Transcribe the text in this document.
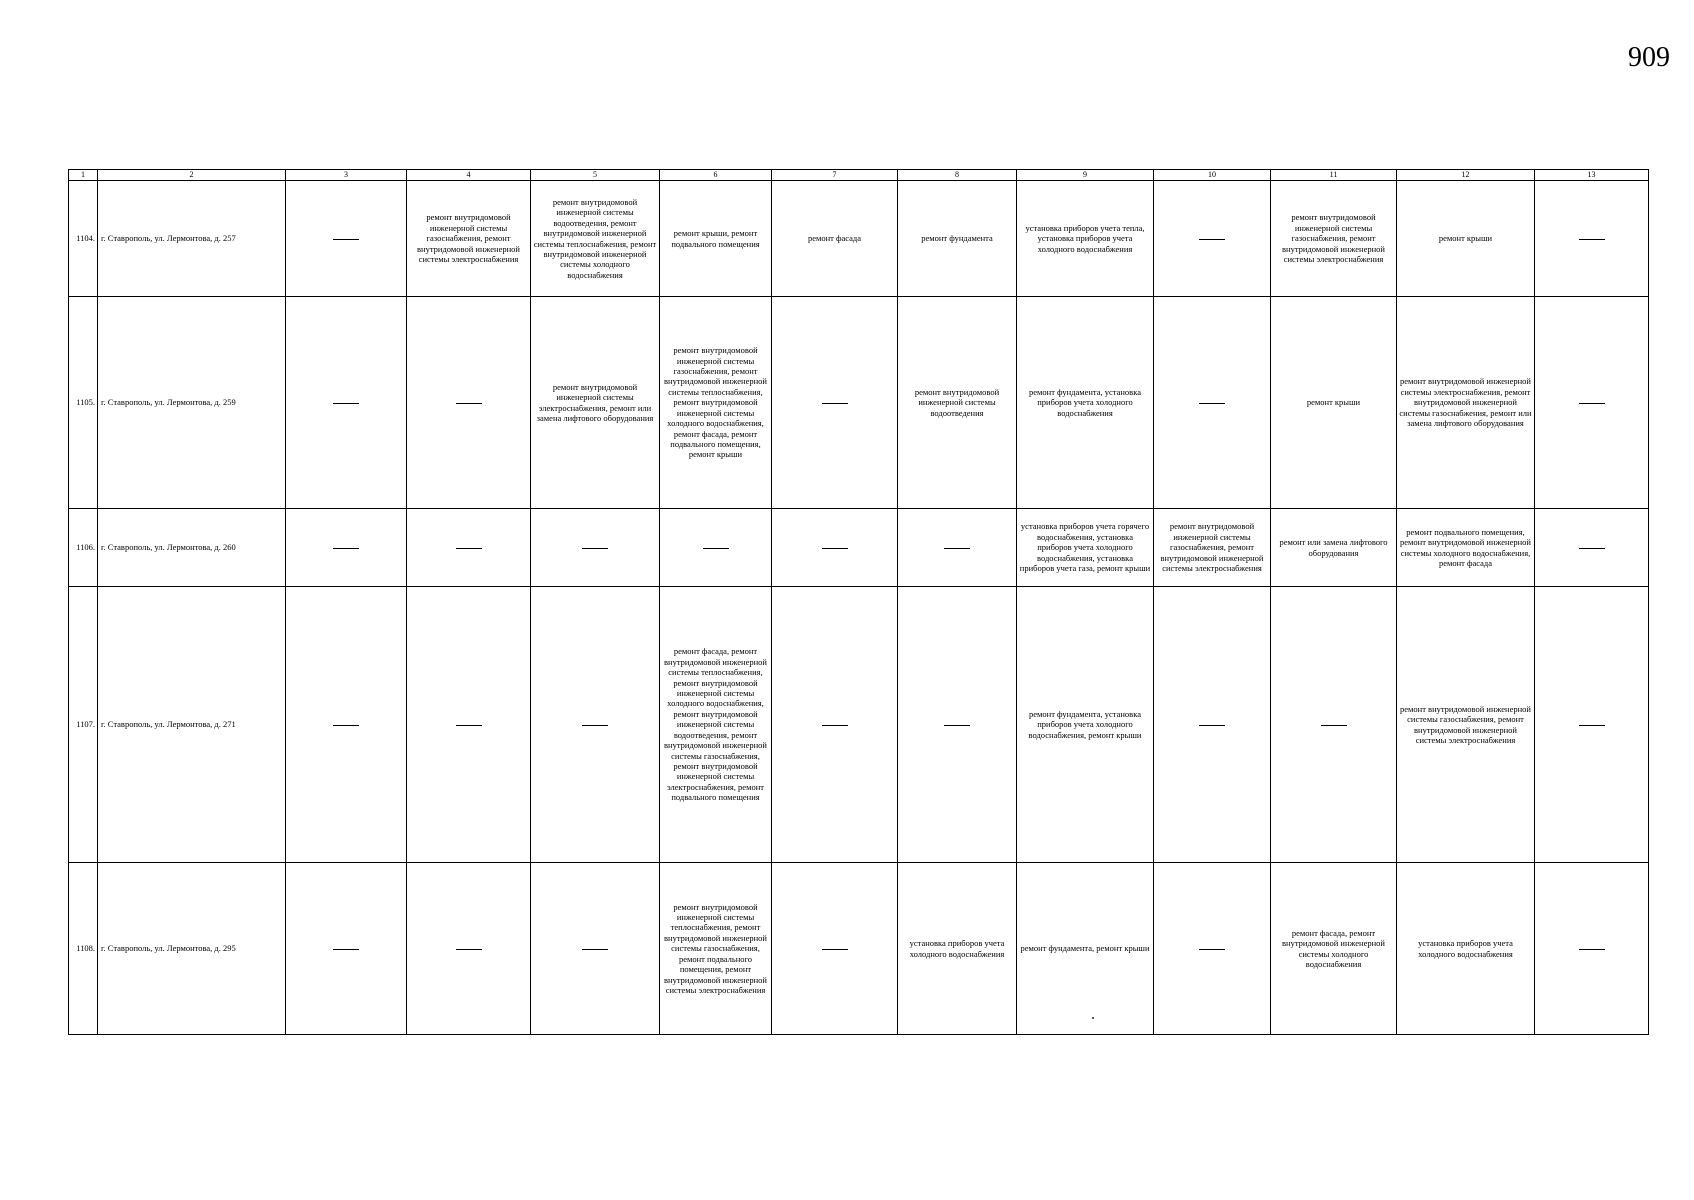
909
1	2	3	4	5	6	7	8	9	10	11	12	13
1104.	г. Ставрополь, ул. Лермонтова, д. 257		ремонт внутридомовой инженерной системы газоснабжения, ремонт внутридомовой инженерной системы электроснабжения	ремонт внутридомовой инженерной системы водоотведения, ремонт внутридомовой инженерной системы теплоснабжения, ремонт внутридомовой инженерной системы холодного водоснабжения	ремонт крыши, ремонт подвального помещения	ремонт фасада	ремонт фундамента	установка приборов учета тепла, установка приборов учета холодного водоснабжения		ремонт внутридомовой инженерной системы газоснабжения, ремонт внутридомовой инженерной системы электроснабжения	ремонт крыши	
1105.	г. Ставрополь, ул. Лермонтова, д. 259			ремонт внутридомовой инженерной системы электроснабжения, ремонт или замена лифтового оборудования	ремонт внутридомовой инженерной системы газоснабжения, ремонт внутридомовой инженерной системы теплоснабжения, ремонт внутридомовой инженерной системы холодного водоснабжения, ремонт фасада, ремонт подвального помещения, ремонт крыши		ремонт внутридомовой инженерной системы водоотведения	ремонт фундамента, установка приборов учета холодного водоснабжения		ремонт крыши	ремонт внутридомовой инженерной системы электроснабжения, ремонт внутридомовой инженерной системы газоснабжения, ремонт или замена лифтового оборудования	
1106.	г. Ставрополь, ул. Лермонтова, д. 260							установка приборов учета горячего водоснабжения, установка приборов учета холодного водоснабжения, установка приборов учета газа, ремонт крыши	ремонт внутридомовой инженерной системы газоснабжения, ремонт внутридомовой инженерной системы электроснабжения	ремонт или замена лифтового оборудования	ремонт подвального помещения, ремонт внутридомовой инженерной системы холодного водоснабжения, ремонт фасада	
1107.	г. Ставрополь, ул. Лермонтова, д. 271				ремонт фасада, ремонт внутридомовой инженерной системы теплоснабжения, ремонт внутридомовой инженерной системы холодного водоснабжения, ремонт внутридомовой инженерной системы водоотведения, ремонт внутридомовой инженерной системы газоснабжения, ремонт внутридомовой инженерной системы электроснабжения, ремонт подвального помещения			ремонт фундамента, установка приборов учета холодного водоснабжения, ремонт крыши			ремонт внутридомовой инженерной системы газоснабжения, ремонт внутридомовой инженерной системы электроснабжения	
1108.	г. Ставрополь, ул. Лермонтова, д. 295				ремонт внутридомовой инженерной системы теплоснабжения, ремонт внутридомовой инженерной системы газоснабжения, ремонт подвального помещения, ремонт внутридомовой инженерной системы электроснабжения		установка приборов учета холодного водоснабжения	ремонт фундамента, ремонт крыши		ремонт фасада, ремонт внутридомовой инженерной системы холодного водоснабжения	установка приборов учета холодного водоснабжения	
